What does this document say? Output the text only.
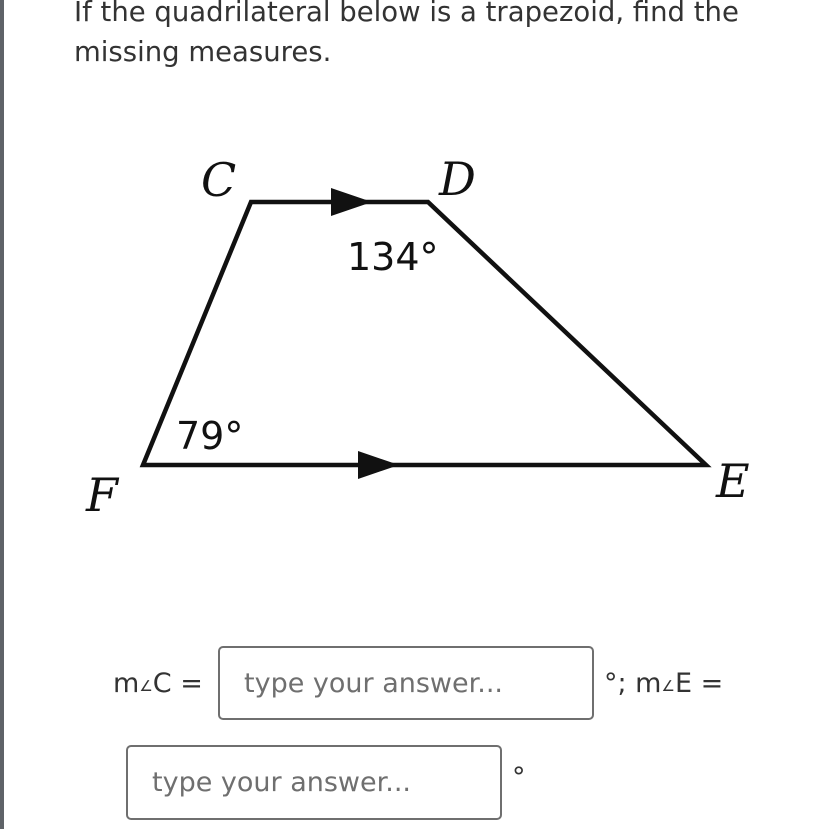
If the quadrilateral below is a trapezoid, find the missing measures.

C	D
E
F
134°
79°
m∠C =
type your answer...	°; m∠E =
type your answer...
°
